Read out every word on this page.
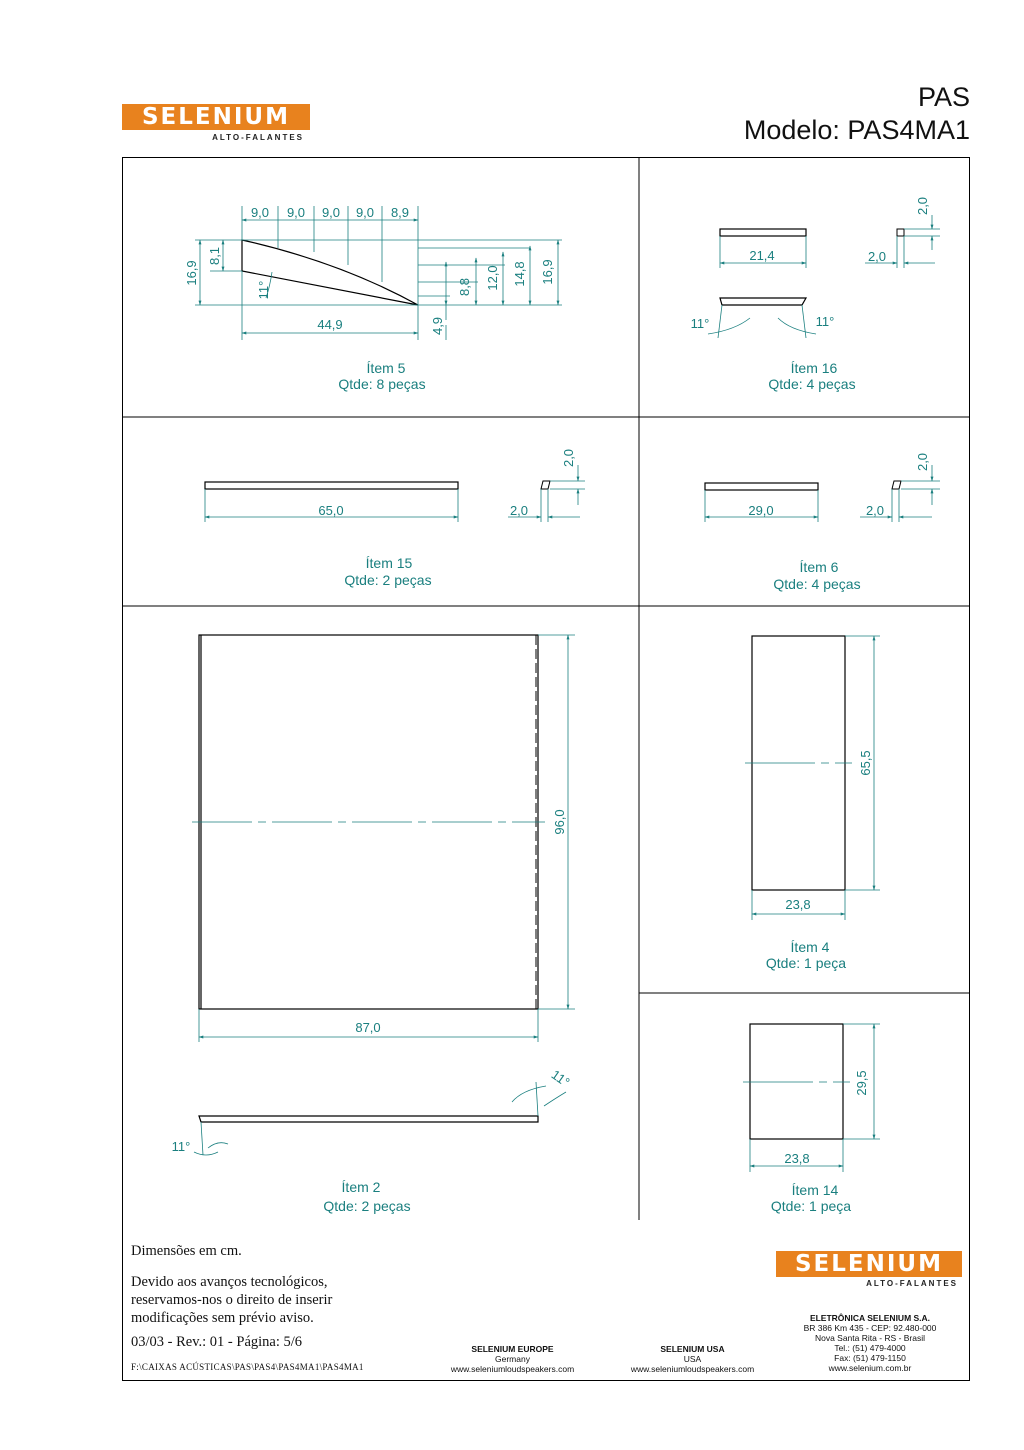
SELENIUM
ALTO-FALANTES
PAS
Modelo: PAS4MA1
9,0 9,0 9,0 9,0 8,9
16,9
8,1
11°
44,9	4,9
8,8 12,0 14,8 16,9
Ítem 5
Qtde: 8 peças
21,4
2,0
2,0
11°	11°
Ítem 16
Qtde: 4 peças
65,0
2,0
2,0
Ítem 15
Qtde: 2 peças
29,0
2,0
2,0
Ítem 6
Qtde: 4 peças
96,0
87,0
11°
11°
Ítem 2
Qtde: 2 peças
65,5
23,8
Ítem 4
Qtde: 1 peça
29,5
23,8
Ítem 14
Qtde: 1 peça
Dimensões em cm.
Devido aos avanços tecnológicos,
reservamos-nos o direito de inserir
modificações sem prévio aviso.
03/03 - Rev.: 01 - Página: 5/6
F:\CAIXAS ACÚSTICAS\PAS\PAS4\PAS4MA1\PAS4MA1
SELENIUM
ALTO-FALANTES
SELENIUM EUROPE
Germany
www.seleniumloudspeakers.com
SELENIUM USA
USA
www.seleniumloudspeakers.com
ELETRÔNICA SELENIUM S.A.
BR 386 Km 435 - CEP: 92.480-000
Nova Santa Rita - RS - Brasil
Tel.: (51) 479-4000
Fax: (51) 479-1150
www.selenium.com.br
